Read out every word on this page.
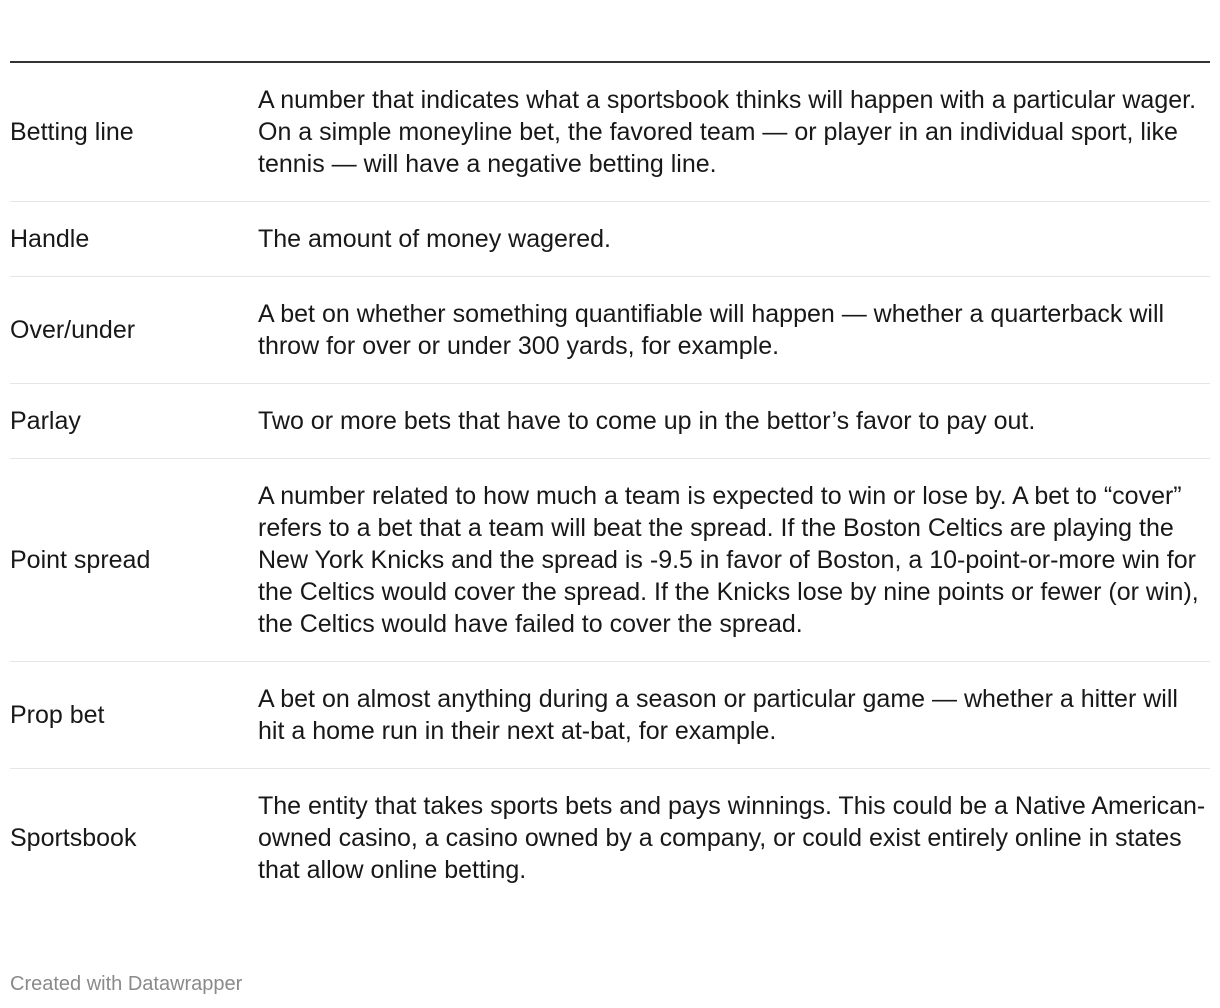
Betting line	A number that indicates what a sportsbook thinks will happen with a particular wager. On a simple moneyline bet, the favored team — or player in an individual sport, like tennis — will have a negative betting line.
Handle	The amount of money wagered.
Over/under	A bet on whether something quantifiable will happen — whether a quarterback will throw for over or under 300 yards, for example.
Parlay	Two or more bets that have to come up in the bettor’s favor to pay out.
Point spread	A number related to how much a team is expected to win or lose by. A bet to “cover” refers to a bet that a team will beat the spread. If the Boston Celtics are playing the New York Knicks and the spread is -9.5 in favor of Boston, a 10-point-or-more win for the Celtics would cover the spread. If the Knicks lose by nine points or fewer (or win), the Celtics would have failed to cover the spread.
Prop bet	A bet on almost anything during a season or particular game — whether a hitter will hit a home run in their next at-bat, for example.
Sportsbook	The entity that takes sports bets and pays winnings. This could be a Native American-owned casino, a casino owned by a company, or could exist entirely online in states that allow online betting.
Created with Datawrapper
